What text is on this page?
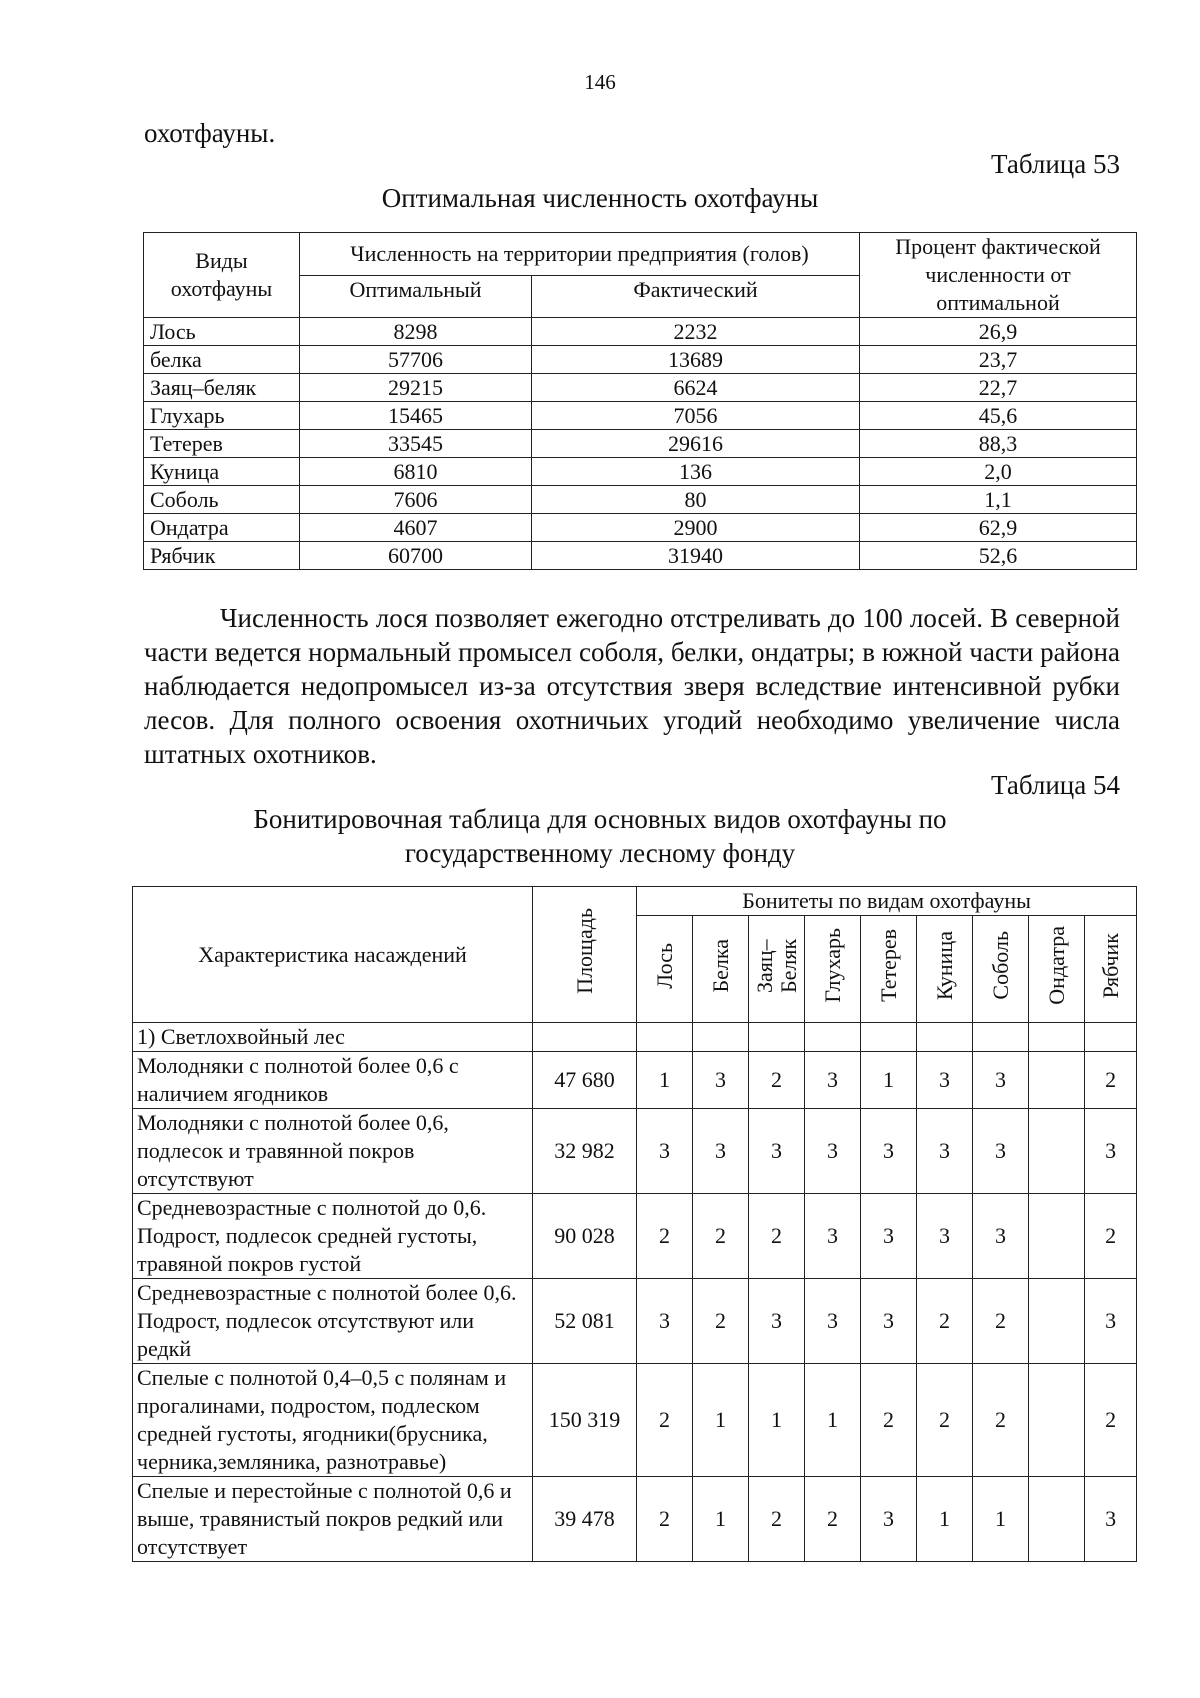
146
охотфауны.
Таблица 53
Оптимальная численность охотфауны
Виды охотфауны	Численность на территории предприятия (голов)		Процент фактической численности от оптимальной
	Оптимальный	Фактический	
Лось	8298	2232	26,9
белка	57706	13689	23,7
Заяц–беляк	29215	6624	22,7
Глухарь	15465	7056	45,6
Тетерев	33545	29616	88,3
Куница	6810	136	2,0
Соболь	7606	80	1,1
Ондатра	4607	2900	62,9
Рябчик	60700	31940	52,6

Численность лося позволяет ежегодно отстреливать до 100 лосей. В северной части ведется нормальный промысел соболя, белки, ондатры; в южной части района наблюдается недопромысел из-за отсутствия зверя вследствие интенсивной рубки лесов. Для полного освоения охотничьих угодий необходимо увеличение числа штатных охотников.

Таблица 54
Бонитировочная таблица для основных видов охотфауны по
государственному лесному фонду
Характеристика насаждений	Площадь	Бонитеты по видам охотфауны								
		Лось	Белка	Заяц–Беляк	Глухарь	Тетерев	Куница	Соболь	Ондатра	Рябчик
1) Светлохвойный лес										
Молодняки с полнотой более 0,6 с наличием ягодников	47 680	1	3	2	3	1	3	3		2
Молодняки с полнотой более 0,6, подлесок и травянной покров отсутствуют	32 982	3	3	3	3	3	3	3		3
Средневозрастные с полнотой до 0,6. Подрост, подлесок средней густоты, травяной покров густой	90 028	2	2	2	3	3	3	3		2
Средневозрастные с полнотой более 0,6. Подрост, подлесок отсутствуют или редкй	52 081	3	2	3	3	3	2	2		3
Спелые с полнотой 0,4–0,5 с полянам и прогалинами, подростом, подлеском средней густоты, ягодники(брусника, черника,земляника, разнотравье)	150 319	2	1	1	1	2	2	2		2
Спелые и перестойные с полнотой 0,6 и выше, травянистый покров редкий или отсутствует	39 478	2	1	2	2	3	1	1		3
